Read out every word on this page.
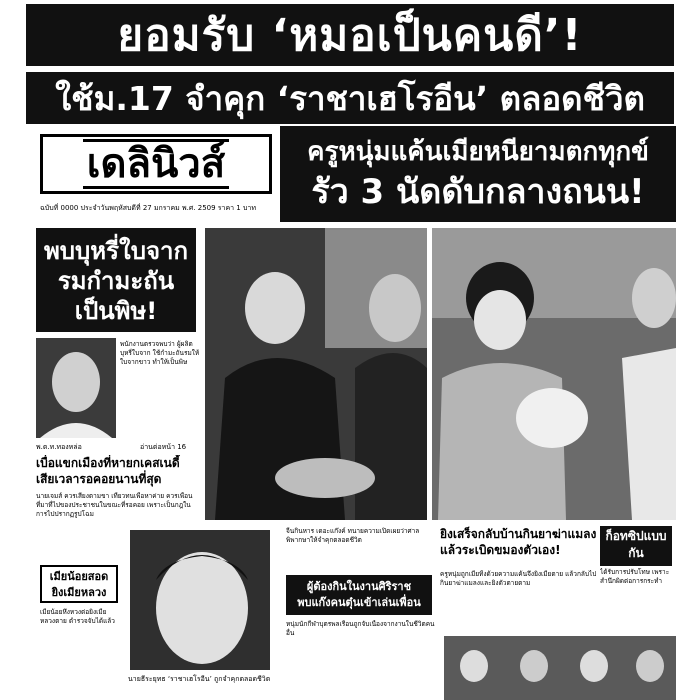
ยอมรับ ‘หมอเป็นคนดี’!
ใช้ม.17 จำคุก ‘ราชาเฮโรอีน’ ตลอดชีวิต
เดลินิวส์
ฉบับที่ 0000 ประจำวันพฤหัสบดีที่ 27 มกราคม พ.ศ. 2509 ราคา 1 บาท
ครูหนุ่มแค้นเมียหนียามตกทุกข์
รัว 3 นัดดับกลางถนน!
พบบุหรี่ใบจาก
รมกำมะถัน
เป็นพิษ!
พนักงานตรวจพบว่า ผู้ผลิตบุหรี่ใบจาก ใช้กำมะถันรมให้ใบจากขาว ทำให้เป็นพิษ
พ.ต.ท.ทองหล่อ	อ่านต่อหน้า 16
เบื่อแขกเมืองที่หายกเคสเนดี้ เสียเวลารอคอยนานที่สุด
นายเจมส์ ควรเสียงตามขา เที่ยวทนเพื่อหาค่าย ควรเพื่อนที่มาที่ไปของประชาชนในขณะที่รอคอย เพราะเป็นกฎในการไปปรากฏรูปโฉม
เมียน้อยสอด
ยิงเมียหลวง
เมียน้อยหึงหวงต่อยิงเมียหลวงตาย ตำรวจจับได้แล้ว
นายธีระยุทธ ‘ราชาเฮโรอีน’ ถูกจำคุกตลอดชีวิต
จีนกินหาร เดอะแก๊งค์ ทนายความเปิดเผยว่าศาลพิพากษาให้จำคุกตลอดชีวิต
ผู้ต้องกินในงานศิริราช
พบแก๊งคนตุ๋นเข้าเล่นเพื่อน
หนุ่มนักกีฬาบุตรพลเรือนถูกจับเนื่องจากงานในชีวิตคนอื่น
ยิงเสร็จกลับบ้านกินยาฆ่าแมลง แล้วระเบิดขมองตัวเอง!
ครูหนุ่มถูกเมียทิ้งด้วยความแค้นจึงยิงเมียตาย แล้วกลับไปกินยาฆ่าแมลงและยิงตัวตายตาม
ก็อทซิปแบบกัน
ได้รับการปรับโทษ เพราะสำนึกผิดต่อการกระทำ
